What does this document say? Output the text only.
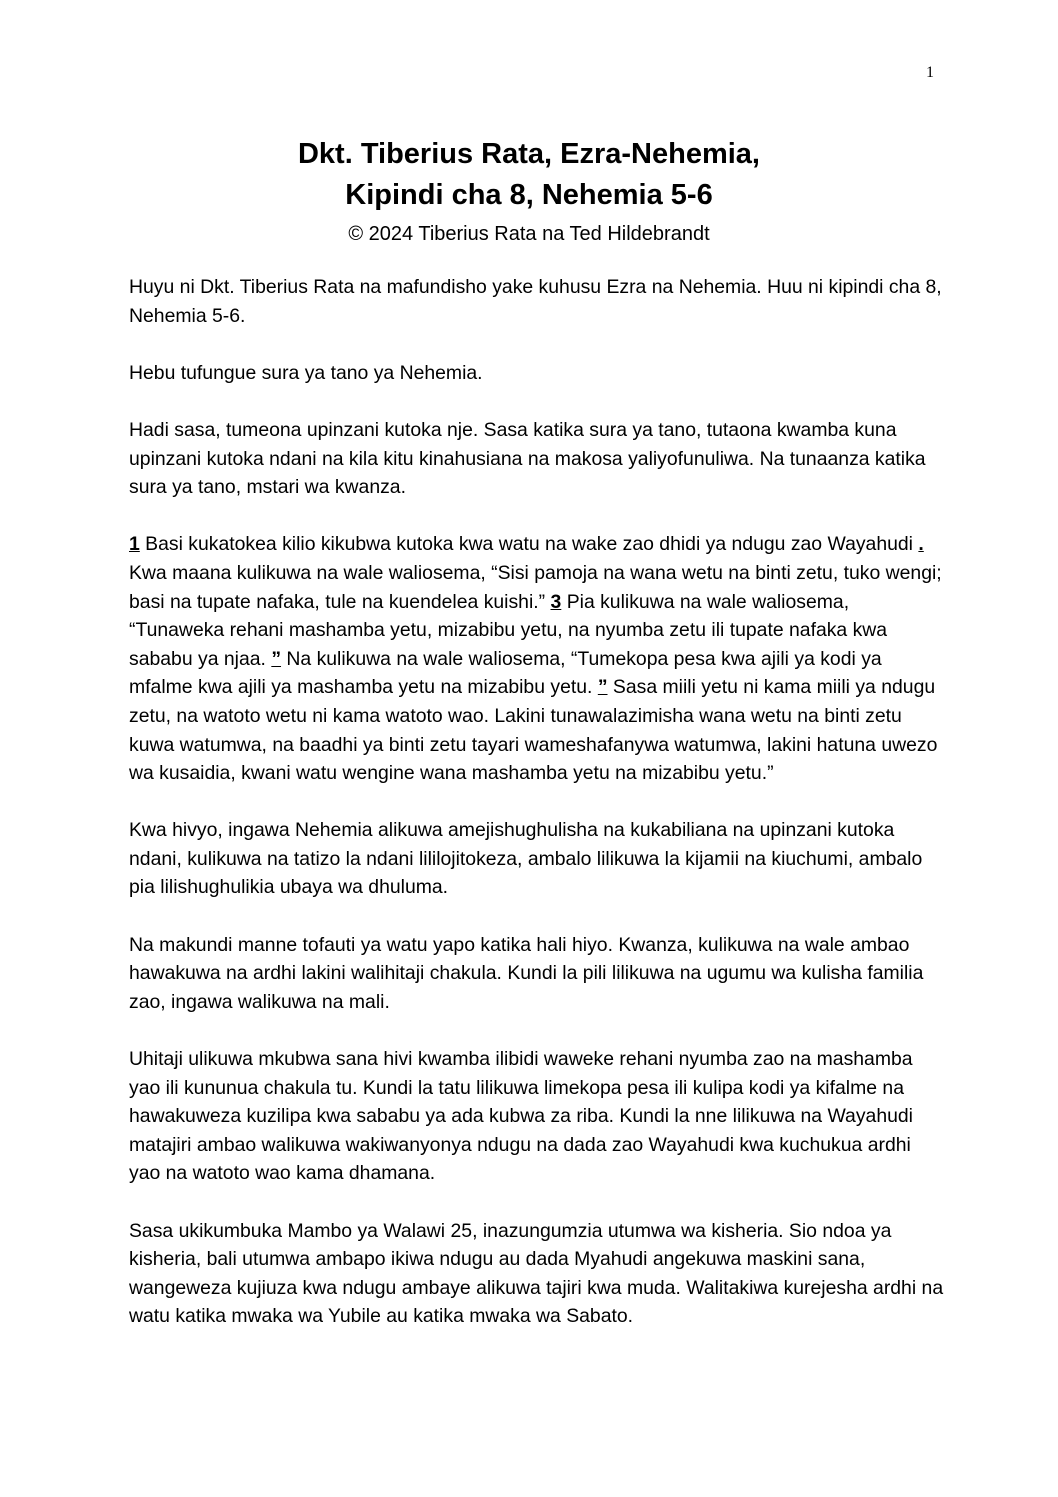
1
Dkt. Tiberius Rata, Ezra-Nehemia,
Kipindi cha 8, Nehemia 5-6
© 2024 Tiberius Rata na Ted Hildebrandt

Huyu ni Dkt. Tiberius Rata na mafundisho yake kuhusu Ezra na Nehemia. Huu ni kipindi cha 8, Nehemia 5-6.

Hebu tufungue sura ya tano ya Nehemia.

Hadi sasa, tumeona upinzani kutoka nje. Sasa katika sura ya tano, tutaona kwamba kuna upinzani kutoka ndani na kila kitu kinahusiana na makosa yaliyofunuliwa. Na tunaanza katika sura ya tano, mstari wa kwanza.

1 Basi kukatokea kilio kikubwa kutoka kwa watu na wake zao dhidi ya ndugu zao Wayahudi . Kwa maana kulikuwa na wale waliosema, “Sisi pamoja na wana wetu na binti zetu, tuko wengi; basi na tupate nafaka, tule na kuendelea kuishi.” 3 Pia kulikuwa na wale waliosema, “Tunaweka rehani mashamba yetu, mizabibu yetu, na nyumba zetu ili tupate nafaka kwa sababu ya njaa. ” Na kulikuwa na wale waliosema, “Tumekopa pesa kwa ajili ya kodi ya mfalme kwa ajili ya mashamba yetu na mizabibu yetu. ” Sasa miili yetu ni kama miili ya ndugu zetu, na watoto wetu ni kama watoto wao. Lakini tunawalazimisha wana wetu na binti zetu kuwa watumwa, na baadhi ya binti zetu tayari wameshafanywa watumwa, lakini hatuna uwezo wa kusaidia, kwani watu wengine wana mashamba yetu na mizabibu yetu.”

Kwa hivyo, ingawa Nehemia alikuwa amejishughulisha na kukabiliana na upinzani kutoka ndani, kulikuwa na tatizo la ndani lililojitokeza, ambalo lilikuwa la kijamii na kiuchumi, ambalo pia lilishughulikia ubaya wa dhuluma.

Na makundi manne tofauti ya watu yapo katika hali hiyo. Kwanza, kulikuwa na wale ambao hawakuwa na ardhi lakini walihitaji chakula. Kundi la pili lilikuwa na ugumu wa kulisha familia zao, ingawa walikuwa na mali.

Uhitaji ulikuwa mkubwa sana hivi kwamba ilibidi waweke rehani nyumba zao na mashamba yao ili kununua chakula tu. Kundi la tatu lilikuwa limekopa pesa ili kulipa kodi ya kifalme na hawakuweza kuzilipa kwa sababu ya ada kubwa za riba. Kundi la nne lilikuwa na Wayahudi matajiri ambao walikuwa wakiwanyonya ndugu na dada zao Wayahudi kwa kuchukua ardhi yao na watoto wao kama dhamana.

Sasa ukikumbuka Mambo ya Walawi 25, inazungumzia utumwa wa kisheria. Sio ndoa ya kisheria, bali utumwa ambapo ikiwa ndugu au dada Myahudi angekuwa maskini sana, wangeweza kujiuza kwa ndugu ambaye alikuwa tajiri kwa muda. Walitakiwa kurejesha ardhi na watu katika mwaka wa Yubile au katika mwaka wa Sabato.
